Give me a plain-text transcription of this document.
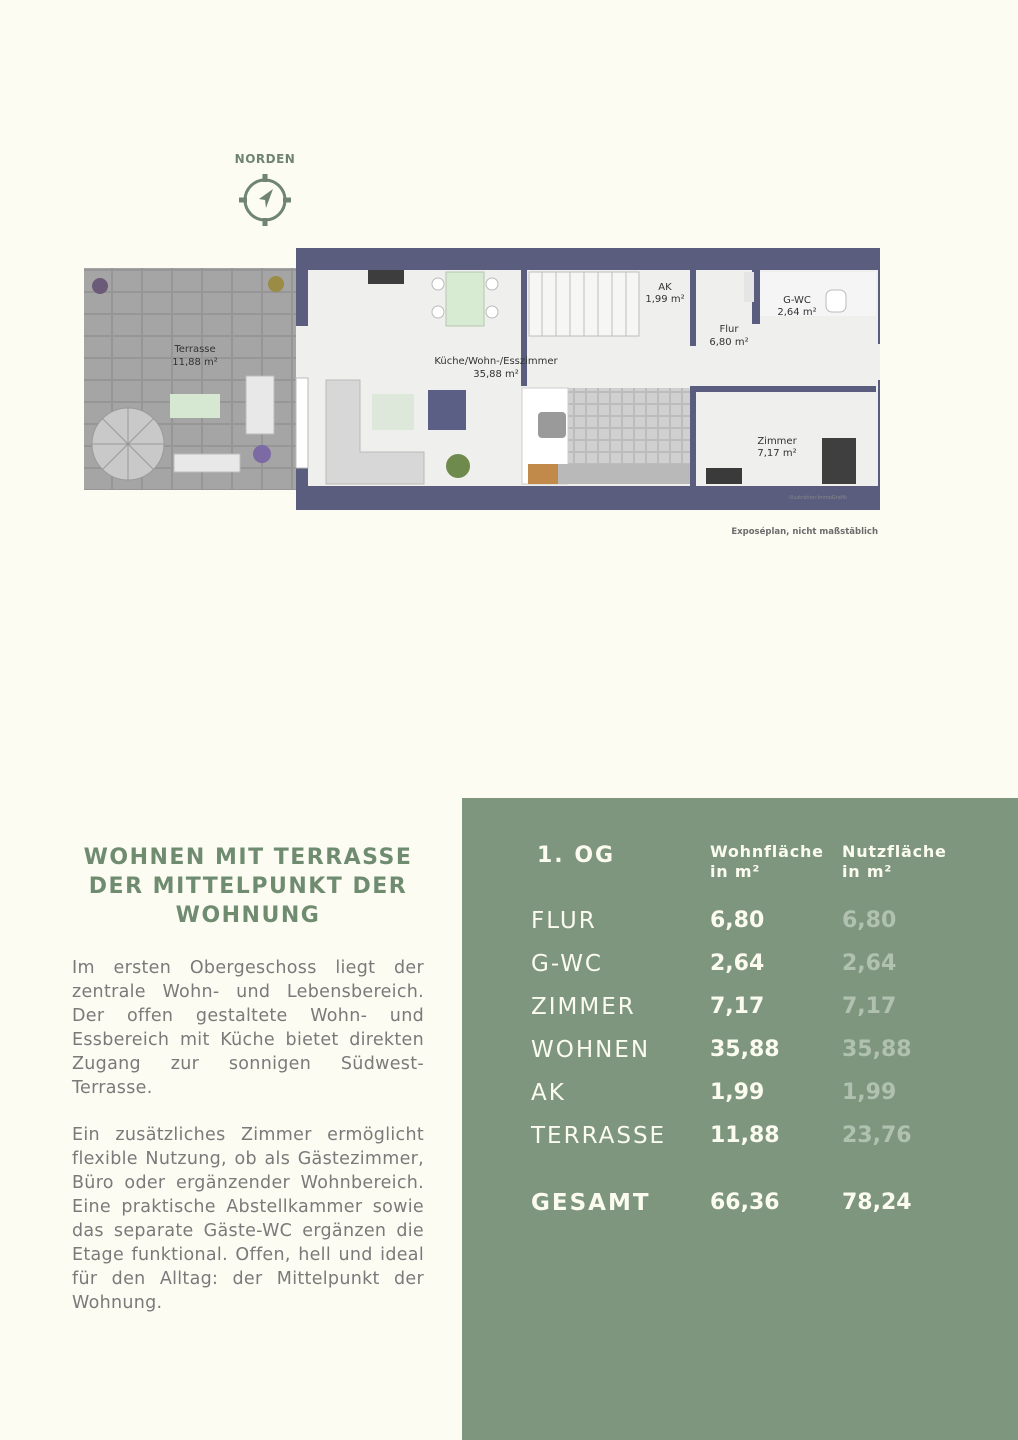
NORDEN
Terrasse
11,88 m²	Küche/Wohn-/Esszimmer
35,88 m²
AK
1,99 m²	G-WC
2,64 m²
Flur
6,80 m²
Zimmer
7,17 m²
Illustration:ImmoGrafik
Exposéplan, nicht maßstäblich
WOHNEN MIT TERRASSE
DER MITTELPUNKT DER
WOHNUNG
Im ersten Obergeschoss liegt der zentrale Wohn- und Lebensbereich. Der offen gestaltete Wohn- und Essbereich mit Küche bietet direkten Zugang zur sonnigen Südwest-Terrasse.
Ein zusätzliches Zimmer ermöglicht flexible Nutzung, ob als Gästezimmer, Büro oder ergänzender Wohnbereich. Eine praktische Abstellkammer sowie das separate Gäste-WC ergänzen die Etage funktional. Offen, hell und ideal für den Alltag: der Mittelpunkt der Wohnung.
1. OG	Wohnfläche
in m²
Nutzfläche
in m²
FLUR	6,80	6,80
G-WC	2,64	2,64
ZIMMER	7,17	7,17
WOHNEN	35,88	35,88
AK	1,99	1,99
TERRASSE 11,88	23,76
GESAMT	66,36	78,24
